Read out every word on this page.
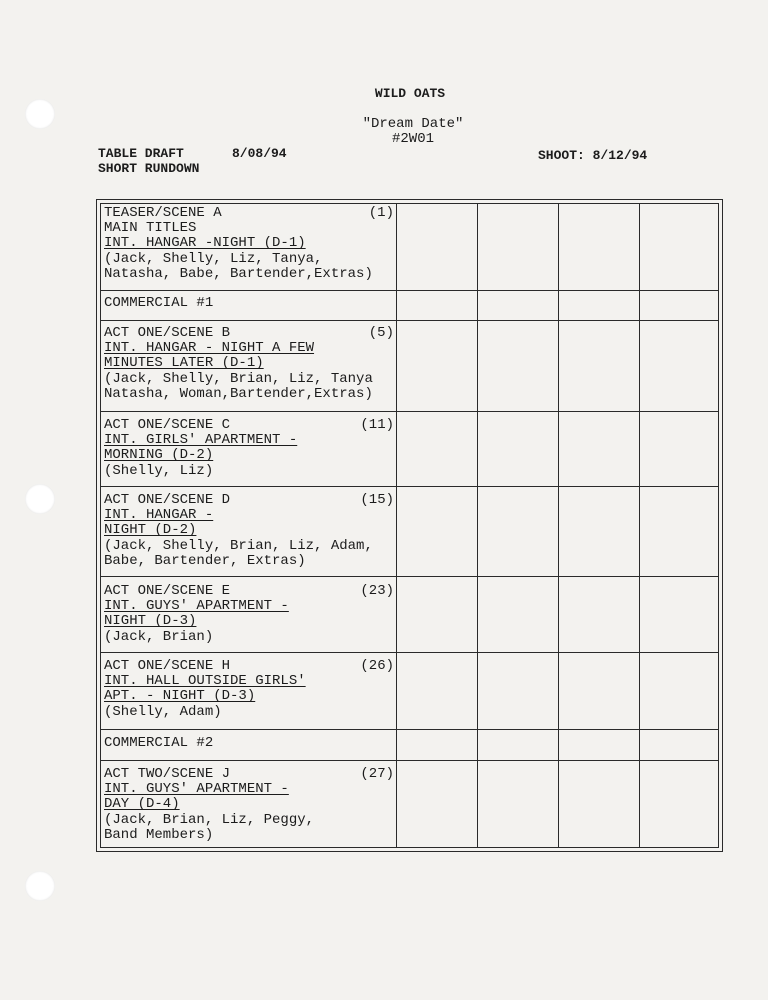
WILD OATS
"Dream Date"
#2W01
TABLE DRAFT	8/08/94
SHORT RUNDOWN
SHOOT: 8/12/94
TEASER/SCENE A	(1)
MAIN TITLES
INT. HANGAR -NIGHT (D-1)
(Jack, Shelly, Liz, Tanya,
Natasha, Babe, Bartender,Extras)
COMMERCIAL #1
ACT ONE/SCENE B	(5)
INT. HANGAR - NIGHT A FEW
MINUTES LATER (D-1)
(Jack, Shelly, Brian, Liz, Tanya
Natasha, Woman,Bartender,Extras)
ACT ONE/SCENE C	(11)
INT. GIRLS' APARTMENT -
MORNING (D-2)
(Shelly, Liz)
ACT ONE/SCENE D	(15)
INT. HANGAR -
NIGHT (D-2)
(Jack, Shelly, Brian, Liz, Adam,
Babe, Bartender, Extras)
ACT ONE/SCENE E	(23)
INT. GUYS' APARTMENT -
NIGHT (D-3)
(Jack, Brian)
ACT ONE/SCENE H	(26)
INT. HALL OUTSIDE GIRLS'
APT. - NIGHT (D-3)
(Shelly, Adam)
COMMERCIAL #2
ACT TWO/SCENE J	(27)
INT. GUYS' APARTMENT -
DAY (D-4)
(Jack, Brian, Liz, Peggy,
Band Members)
